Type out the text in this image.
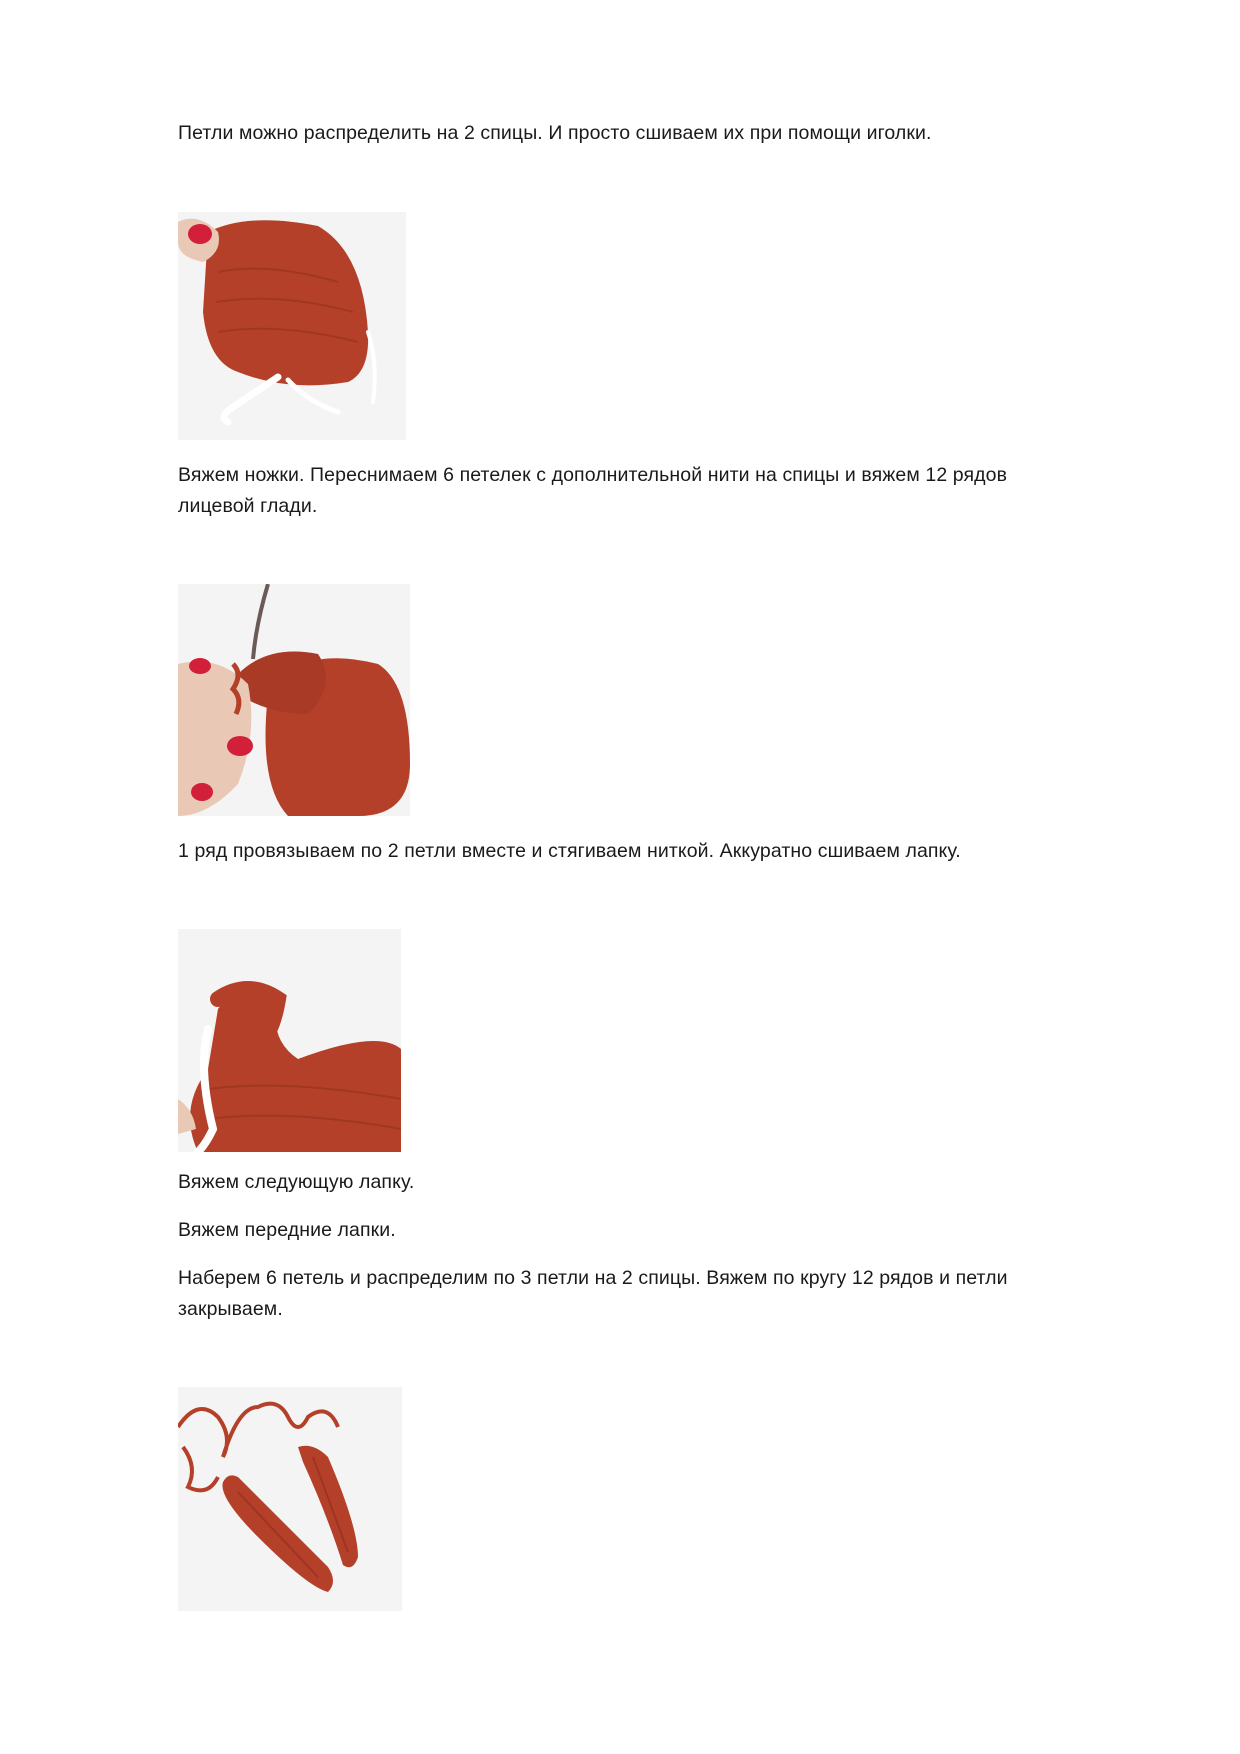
Петли можно распределить на 2 спицы. И просто сшиваем их при помощи иголки.

Вяжем ножки. Переснимаем 6 петелек с дополнительной нити на спицы и вяжем 12 рядов лицевой глади.

1 ряд провязываем по 2 петли вместе и стягиваем ниткой. Аккуратно сшиваем лапку.

Вяжем следующую лапку.

Вяжем передние лапки.

Наберем 6 петель и распределим по 3 петли на 2 спицы. Вяжем по кругу 12 рядов и петли закрываем.
